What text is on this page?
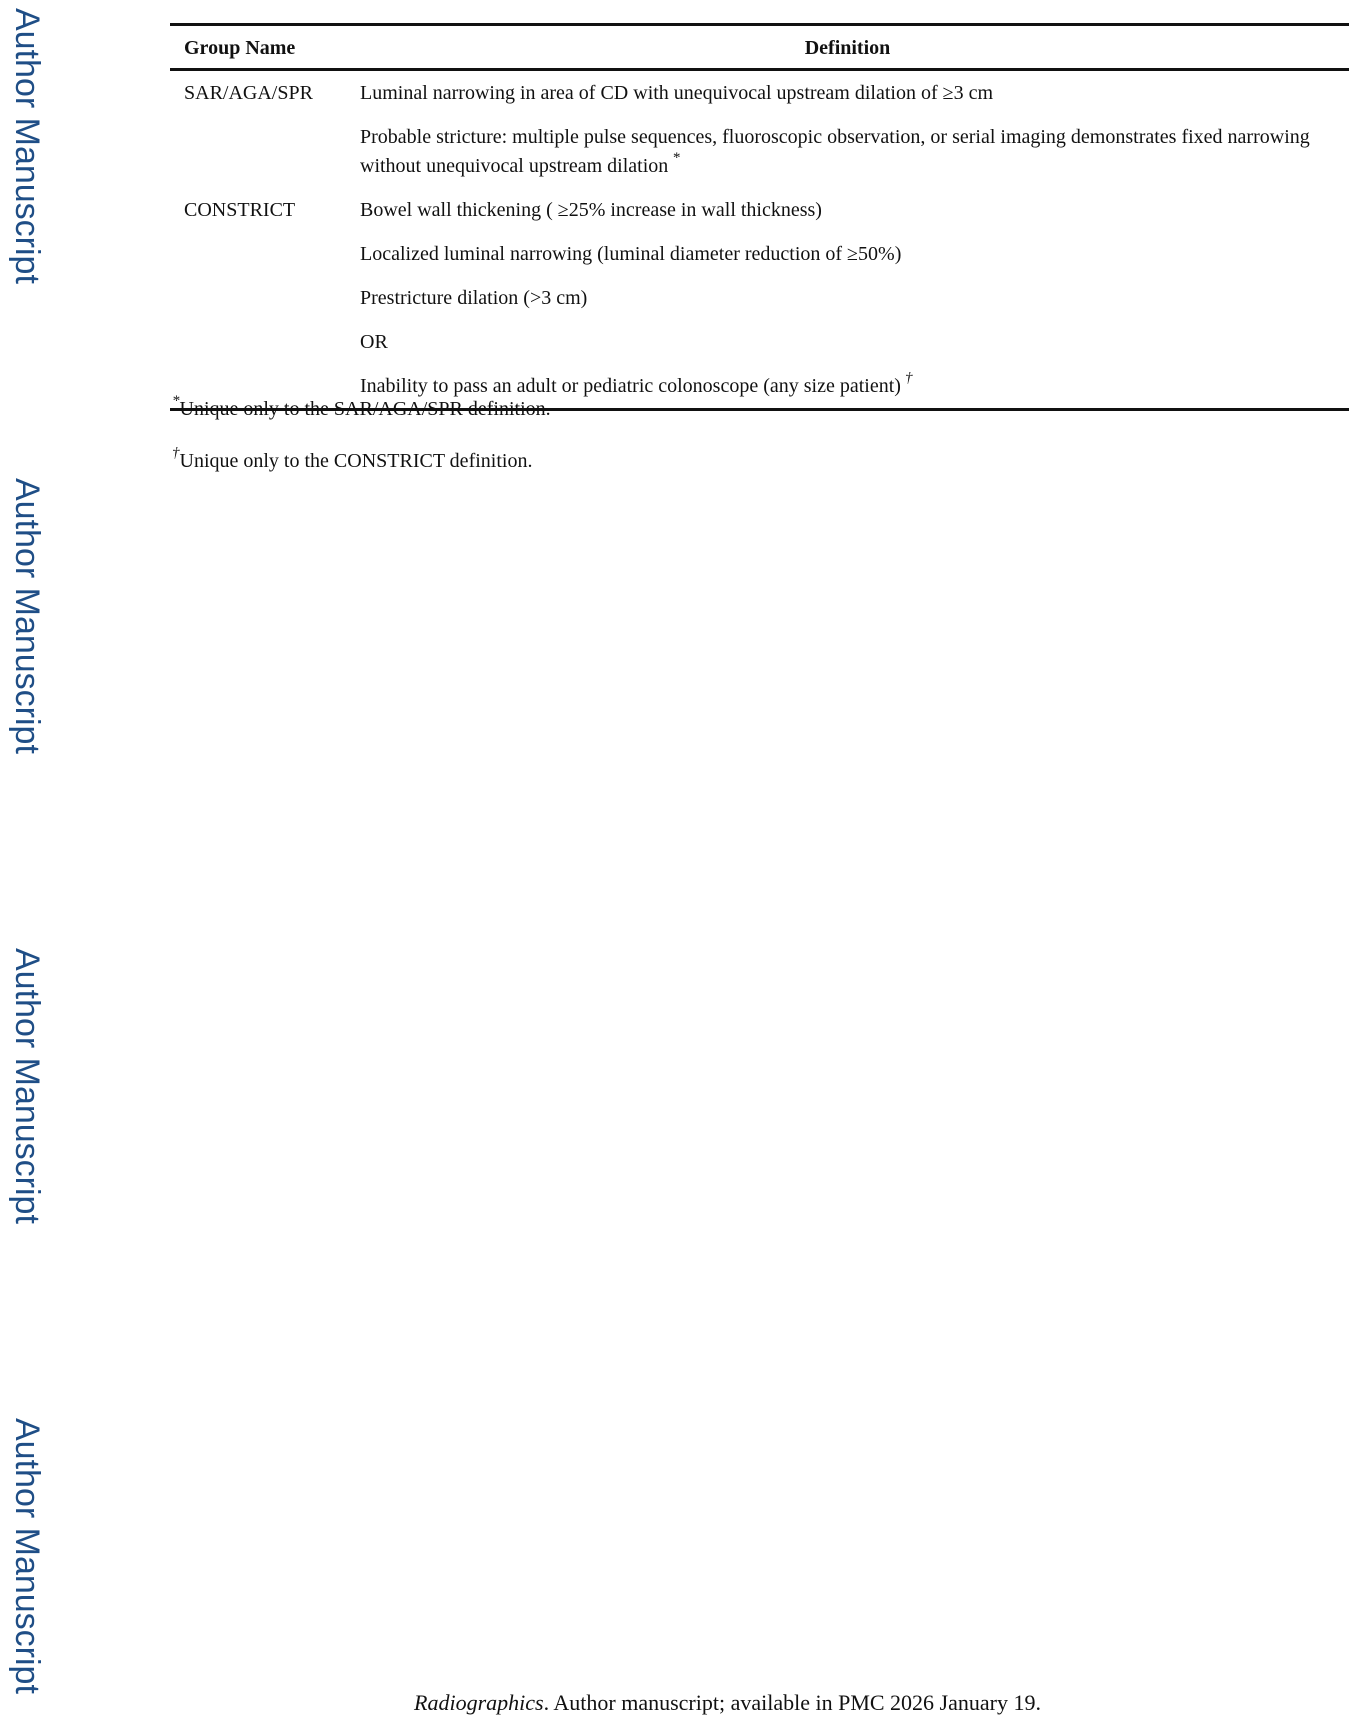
Author Manuscript
Author Manuscript
Author Manuscript
Author Manuscript
Group Name	Definition
SAR/AGA/SPR	Luminal narrowing in area of CD with unequivocal upstream dilation of ≥3 cm
	Probable stricture: multiple pulse sequences, fluoroscopic observation, or serial imaging demonstrates fixed narrowing without unequivocal upstream dilation *
CONSTRICT	Bowel wall thickening ( ≥25% increase in wall thickness)
	Localized luminal narrowing (luminal diameter reduction of ≥50%)
	Prestricture dilation (>3 cm)
	OR
	Inability to pass an adult or pediatric colonoscope (any size patient) †

*Unique only to the SAR/AGA/SPR definition.

†Unique only to the CONSTRICT definition.

Radiographics. Author manuscript; available in PMC 2026 January 19.
